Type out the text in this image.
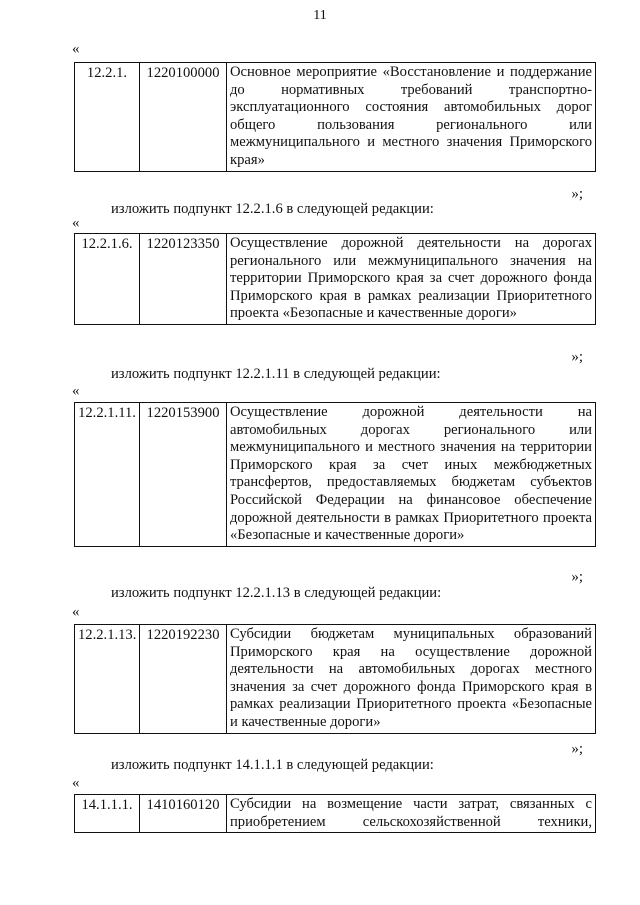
11
«
12.2.1.	1220100000	Основное мероприятие «Восстановление и поддержание до нормативных требований транспортно-эксплуатационного состояния автомобильных дорог общего пользования регионального или межмуниципального и местного значения Приморского края»
»;
изложить подпункт 12.2.1.6 в следующей редакции:
«
12.2.1.6.	1220123350	Осуществление дорожной деятельности на дорогах регионального или межмуниципального значения на территории Приморского края за счет дорожного фонда Приморского края в рамках реализации Приоритетного проекта «Безопасные и качественные дороги»
»;
изложить подпункт 12.2.1.11 в следующей редакции:
«
12.2.1.11.	1220153900	Осуществление дорожной деятельности на автомобильных дорогах регионального или межмуниципального и местного значения на территории Приморского края за счет иных межбюджетных трансфертов, предоставляемых бюджетам субъектов Российской Федерации на финансовое обеспечение дорожной деятельности в рамках Приоритетного проекта «Безопасные и качественные дороги»
»;
изложить подпункт 12.2.1.13 в следующей редакции:
«
12.2.1.13.	1220192230	Субсидии бюджетам муниципальных образований Приморского края на осуществление дорожной деятельности на автомобильных дорогах местного значения за счет дорожного фонда Приморского края в рамках реализации Приоритетного проекта «Безопасные и качественные дороги»
»;
изложить подпункт 14.1.1.1 в следующей редакции:
«
14.1.1.1.	1410160120	Субсидии на возмещение части затрат, связанных с приобретением сельскохозяйственной техники,
